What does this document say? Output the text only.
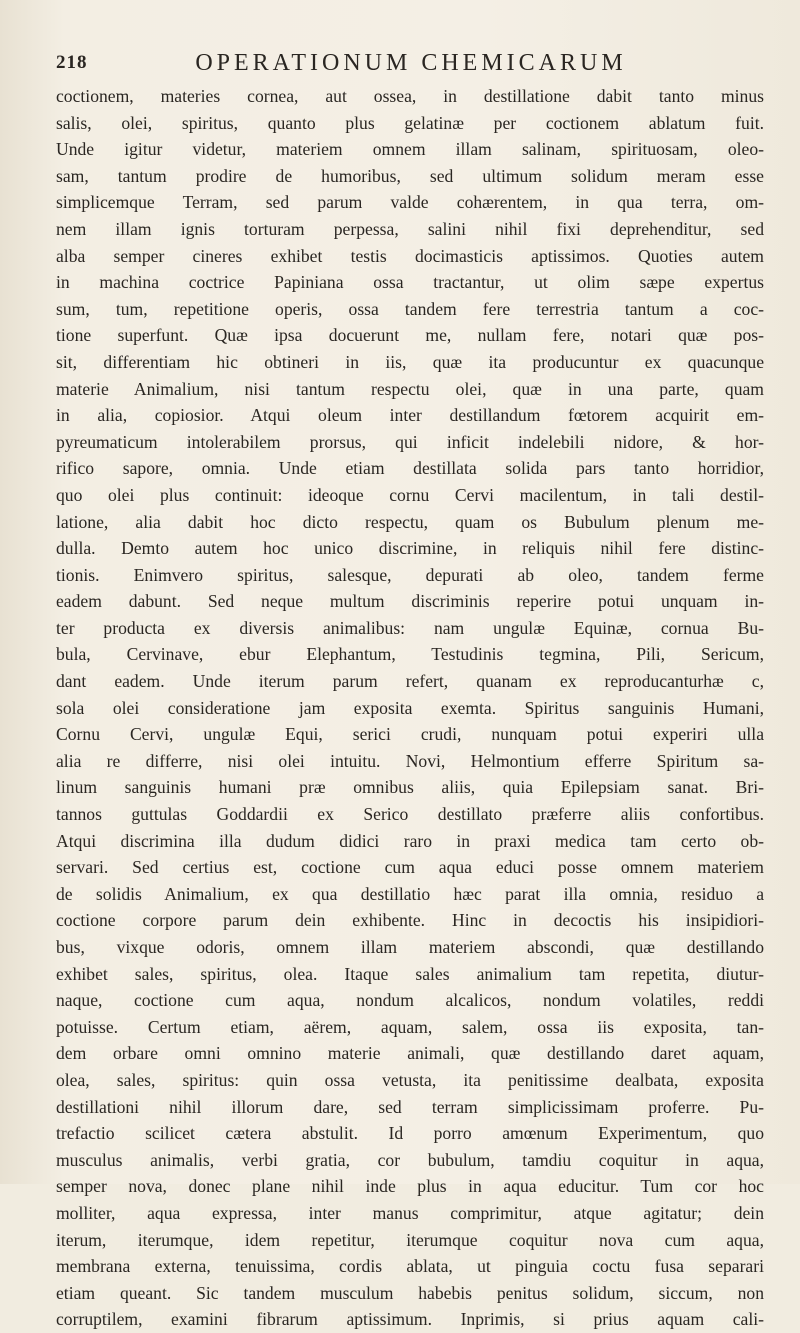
218	OPERATIONUM CHEMICARUM
coctionem, materies cornea, aut ossea, in destillatione dabit tanto minus
salis, olei, spiritus, quanto plus gelatinæ per coctionem ablatum fuit.
Unde igitur videtur, materiem omnem illam salinam, spirituosam, oleo-
sam, tantum prodire de humoribus, sed ultimum solidum meram esse
simplicemque Terram, sed parum valde cohærentem, in qua terra, om-
nem illam ignis torturam perpessa, salini nihil fixi deprehenditur, sed
alba semper cineres exhibet testis docimasticis aptissimos. Quoties autem
in machina coctrice Papiniana ossa tractantur, ut olim sæpe expertus
sum, tum, repetitione operis, ossa tandem fere terrestria tantum a coc-
tione superfunt. Quæ ipsa docuerunt me, nullam fere, notari quæ pos-
sit, differentiam hic obtineri in iis, quæ ita producuntur ex quacunque
materie Animalium, nisi tantum respectu olei, quæ in una parte, quam
in alia, copiosior. Atqui oleum inter destillandum fœtorem acquirit em-
pyreumaticum intolerabilem prorsus, qui inficit indelebili nidore, & hor-
rifico sapore, omnia. Unde etiam destillata solida pars tanto horridior,
quo olei plus continuit: ideoque cornu Cervi macilentum, in tali destil-
latione, alia dabit hoc dicto respectu, quam os Bubulum plenum me-
dulla. Demto autem hoc unico discrimine, in reliquis nihil fere distinc-
tionis. Enimvero spiritus, salesque, depurati ab oleo, tandem ferme
eadem dabunt. Sed neque multum discriminis reperire potui unquam in-
ter producta ex diversis animalibus: nam ungulæ Equinæ, cornua Bu-
bula, Cervinave, ebur Elephantum, Testudinis tegmina, Pili, Sericum,
dant eadem. Unde iterum parum refert, quanam ex reproducanturhæ c,
sola olei consideratione jam exposita exemta. Spiritus sanguinis Humani,
Cornu Cervi, ungulæ Equi, serici crudi, nunquam potui experiri ulla
alia re differre, nisi olei intuitu. Novi, Helmontium efferre Spiritum sa-
linum sanguinis humani præ omnibus aliis, quia Epilepsiam sanat. Bri-
tannos guttulas Goddardii ex Serico destillato præferre aliis confortibus.
Atqui discrimina illa dudum didici raro in praxi medica tam certo ob-
servari. Sed certius est, coctione cum aqua educi posse omnem materiem
de solidis Animalium, ex qua destillatio hæc parat illa omnia, residuo a
coctione corpore parum dein exhibente. Hinc in decoctis his insipidiori-
bus, vixque odoris, omnem illam materiem abscondi, quæ destillando
exhibet sales, spiritus, olea. Itaque sales animalium tam repetita, diutur-
naque, coctione cum aqua, nondum alcalicos, nondum volatiles, reddi
potuisse. Certum etiam, aërem, aquam, salem, ossa iis exposita, tan-
dem orbare omni omnino materie animali, quæ destillando daret aquam,
olea, sales, spiritus: quin ossa vetusta, ita penitissime dealbata, exposita
destillationi nihil illorum dare, sed terram simplicissimam proferre. Pu-
trefactio scilicet cætera abstulit. Id porro amœnum Experimentum, quo
musculus animalis, verbi gratia, cor bubulum, tamdiu coquitur in aqua,
semper nova, donec plane nihil inde plus in aqua educitur. Tum cor hoc
molliter, aqua expressa, inter manus comprimitur, atque agitatur; dein
iterum, iterumque, idem repetitur, iterumque coquitur nova cum aqua,
membrana externa, tenuissima, cordis ablata, ut pinguia coctu fusa separari
etiam queant. Sic tandem musculum habebis penitus solidum, siccum, non
corruptilem, examini fibrarum aptissimum. Inprimis, si prius aquam cali-
